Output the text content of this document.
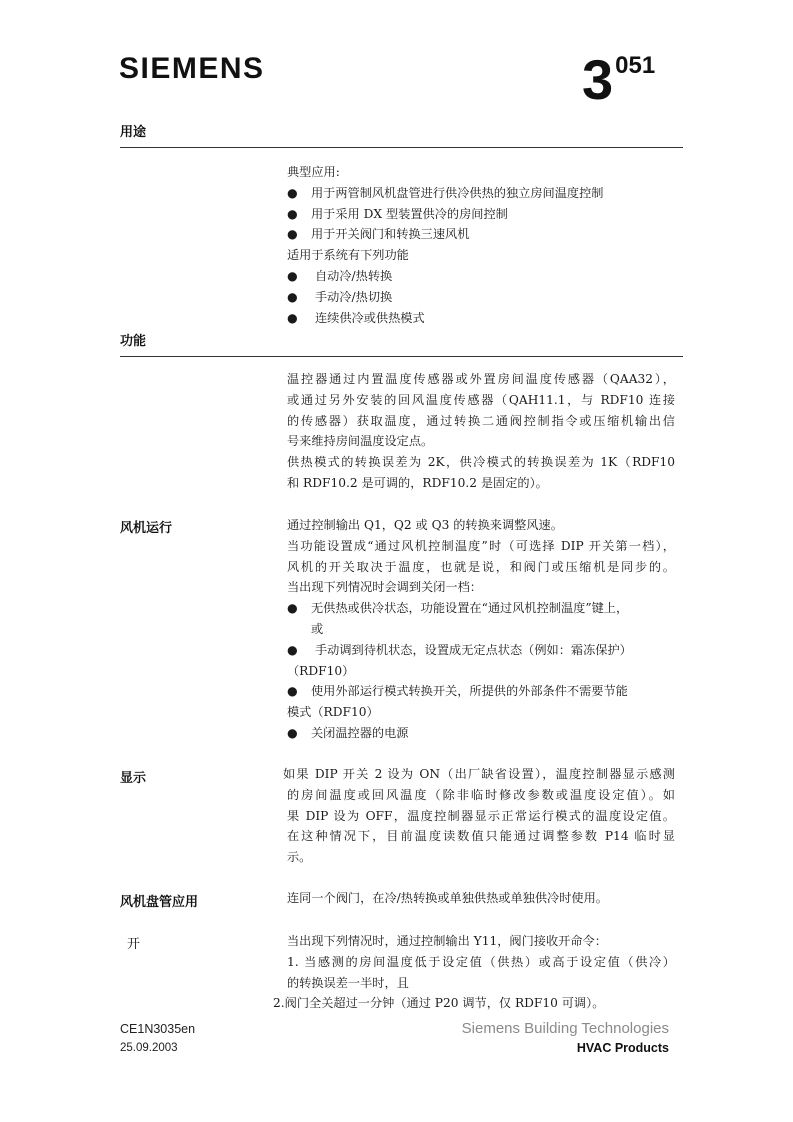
SIEMENS	3051
用途
典型应用:
● 用于两管制风机盘管进行供冷供热的独立房间温度控制
● 用于采用 DX 型装置供冷的房间控制
● 用于开关阀门和转换三速风机
适用于系统有下列功能
● 自动冷/热转换
● 手动冷/热切换
● 连续供冷或供热模式
功能
温控器通过内置温度传感器或外置房间温度传感器（QAA32），
或通过另外安装的回风温度传感器（QAH11.1，与 RDF10 连接
的传感器）获取温度，通过转换二通阀控制指令或压缩机输出信
号来维持房间温度设定点。
供热模式的转换误差为 2K，供冷模式的转换误差为 1K（RDF10
和 RDF10.2 是可调的，RDF10.2 是固定的）。
风机运行	通过控制输出 Q1，Q2 或 Q3 的转换来调整风速。
当功能设置成“通过风机控制温度”时（可选择 DIP 开关第一档），
风机的开关取决于温度，也就是说，和阀门或压缩机是同步的。
当出现下列情况时会调到关闭一档：
● 无供热或供冷状态，功能设置在“通过风机控制温度”键上，
或
● 手动调到待机状态，设置成无定点状态（例如：霜冻保护）
（RDF10）
● 使用外部运行模式转换开关，所提供的外部条件不需要节能
模式（RDF10）
● 关闭温控器的电源
显示	如果 DIP 开关 2 设为 ON（出厂缺省设置），温度控制器显示感测
的房间温度或回风温度（除非临时修改参数或温度设定值）。如
果 DIP 设为 OFF，温度控制器显示正常运行模式的温度设定值。
在这种情况下，目前温度读数值只能通过调整参数 P14 临时显
示。
风机盘管应用	连同一个阀门，在冷/热转换或单独供热或单独供冷时使用。
开	当出现下列情况时，通过控制输出 Y11，阀门接收开命令：
1. 当感测的房间温度低于设定值（供热）或高于设定值（供冷）
的转换误差一半时，且
2.阀门全关超过一分钟（通过 P20 调节，仅 RDF10 可调）。
CE1N3035en
25.09.2003
Siemens Building Technologies
HVAC Products
